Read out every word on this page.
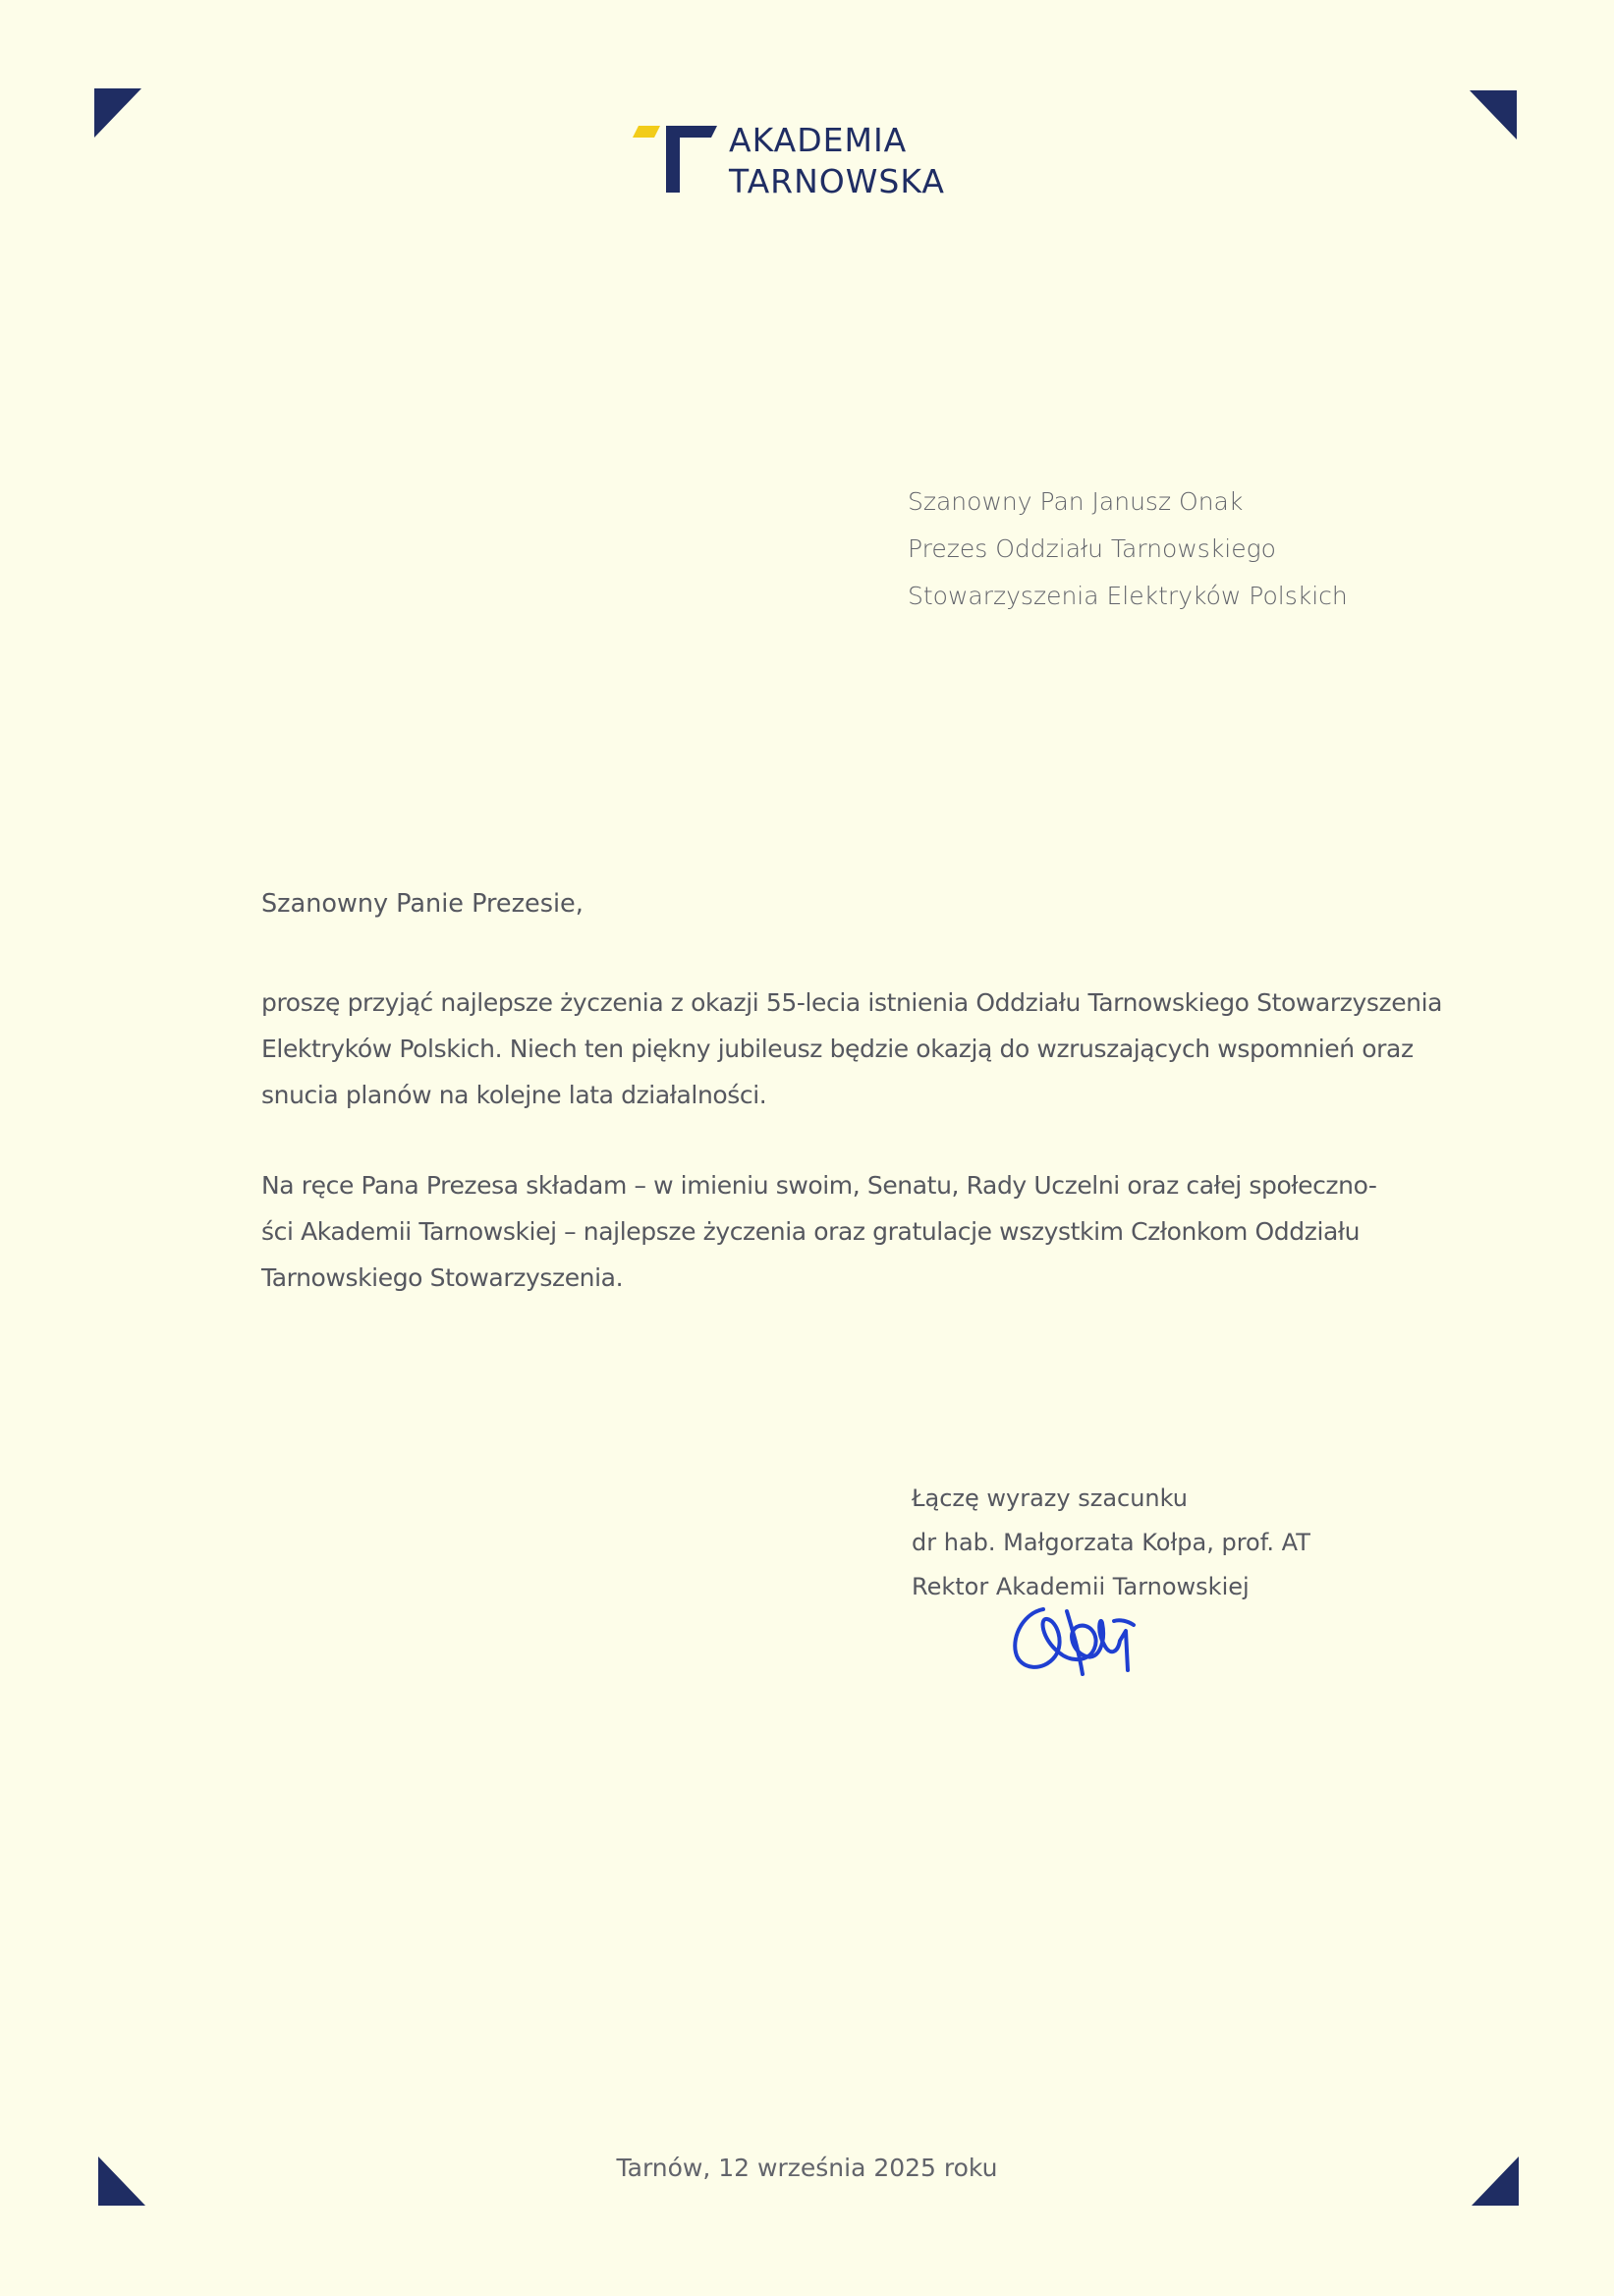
AKADEMIA
TARNOWSKA
Szanowny Pan Janusz Onak
Prezes Oddziału Tarnowskiego
Stowarzyszenia Elektryków Polskich
Szanowny Panie Prezesie,
proszę przyjąć najlepsze życzenia z okazji 55-lecia istnienia Oddziału Tarnowskiego Stowarzyszenia
Elektryków Polskich. Niech ten piękny jubileusz będzie okazją do wzruszających wspomnień oraz
snucia planów na kolejne lata działalności.
Na ręce Pana Prezesa składam – w imieniu swoim, Senatu, Rady Uczelni oraz całej społeczno-
ści Akademii Tarnowskiej – najlepsze życzenia oraz gratulacje wszystkim Członkom Oddziału
Tarnowskiego Stowarzyszenia.
Łączę wyrazy szacunku
dr hab. Małgorzata Kołpa, prof. AT
Rektor Akademii Tarnowskiej
Tarnów, 12 września 2025 roku
